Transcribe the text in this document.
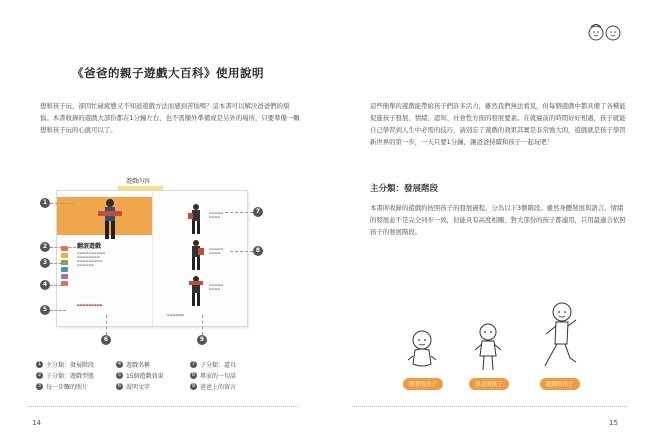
《爸爸的親子遊戲大百科》使用說明
想和孩子玩，卻因忙碌疲憊又不知道遊戲方法而感到苦惱嗎？這本書可以解決爸爸們的煩惱。本書收錄的遊戲大部份都在1分鐘左右，也不需額外準備或是另外的場所，只要準備一顆想和孩子玩的心就可以了。
遊戲內容
翻滾遊戲
▬▬▬▬▬▬▬▬▬▬
▬▬▬▬▬▬▬▬
▬▬▬▬▬▬▬▬▬
▬▬▬▬▬▬
▬▬▬▬▬▬▬▬▬
▬▬▬▬▬▬
▬▬▬▬▬
▬▬▬▬
▬▬▬▬▬
▬▬▬▬
▬▬▬▬▬
▬▬▬▬
1
2
3
4
5
6
7
8
9
1 主分類：發展階段
2 子分類：遊戲型態
3 每一步驟的照片
4 遊戲名稱
5 15個遊戲效果
6 說明文字
7 子分類：道具
8 專家的一句話
9 爸爸上的留言
14
這些簡單的遊戲能帶給孩子們許多活力，雖然我們無法看見，但每個遊戲中都具備了各種能促進孩子發展、情緒、認知、社會性方面的發展要素。在就寢前的時間好好相處，孩子就能自己學習到人生中必需的技巧，請別忘了遊戲的效果其實是非常強大的，遊戲就是孩子學習新世界的第一步，一天只要1分鐘，讓爸爸持續和孩子一起玩吧！
主分類：發展階段
本書所收錄的遊戲約按照孩子的發展過程，分為以下3個階段。雖然身體發展與語言、情緒的發展並不是完全同步一致，但能具有高度相關，對大部份的孩子都適用，只用最適合依照孩子的發展階段。
爬著的孩子	學走的孩子	跑跳的孩子
15
